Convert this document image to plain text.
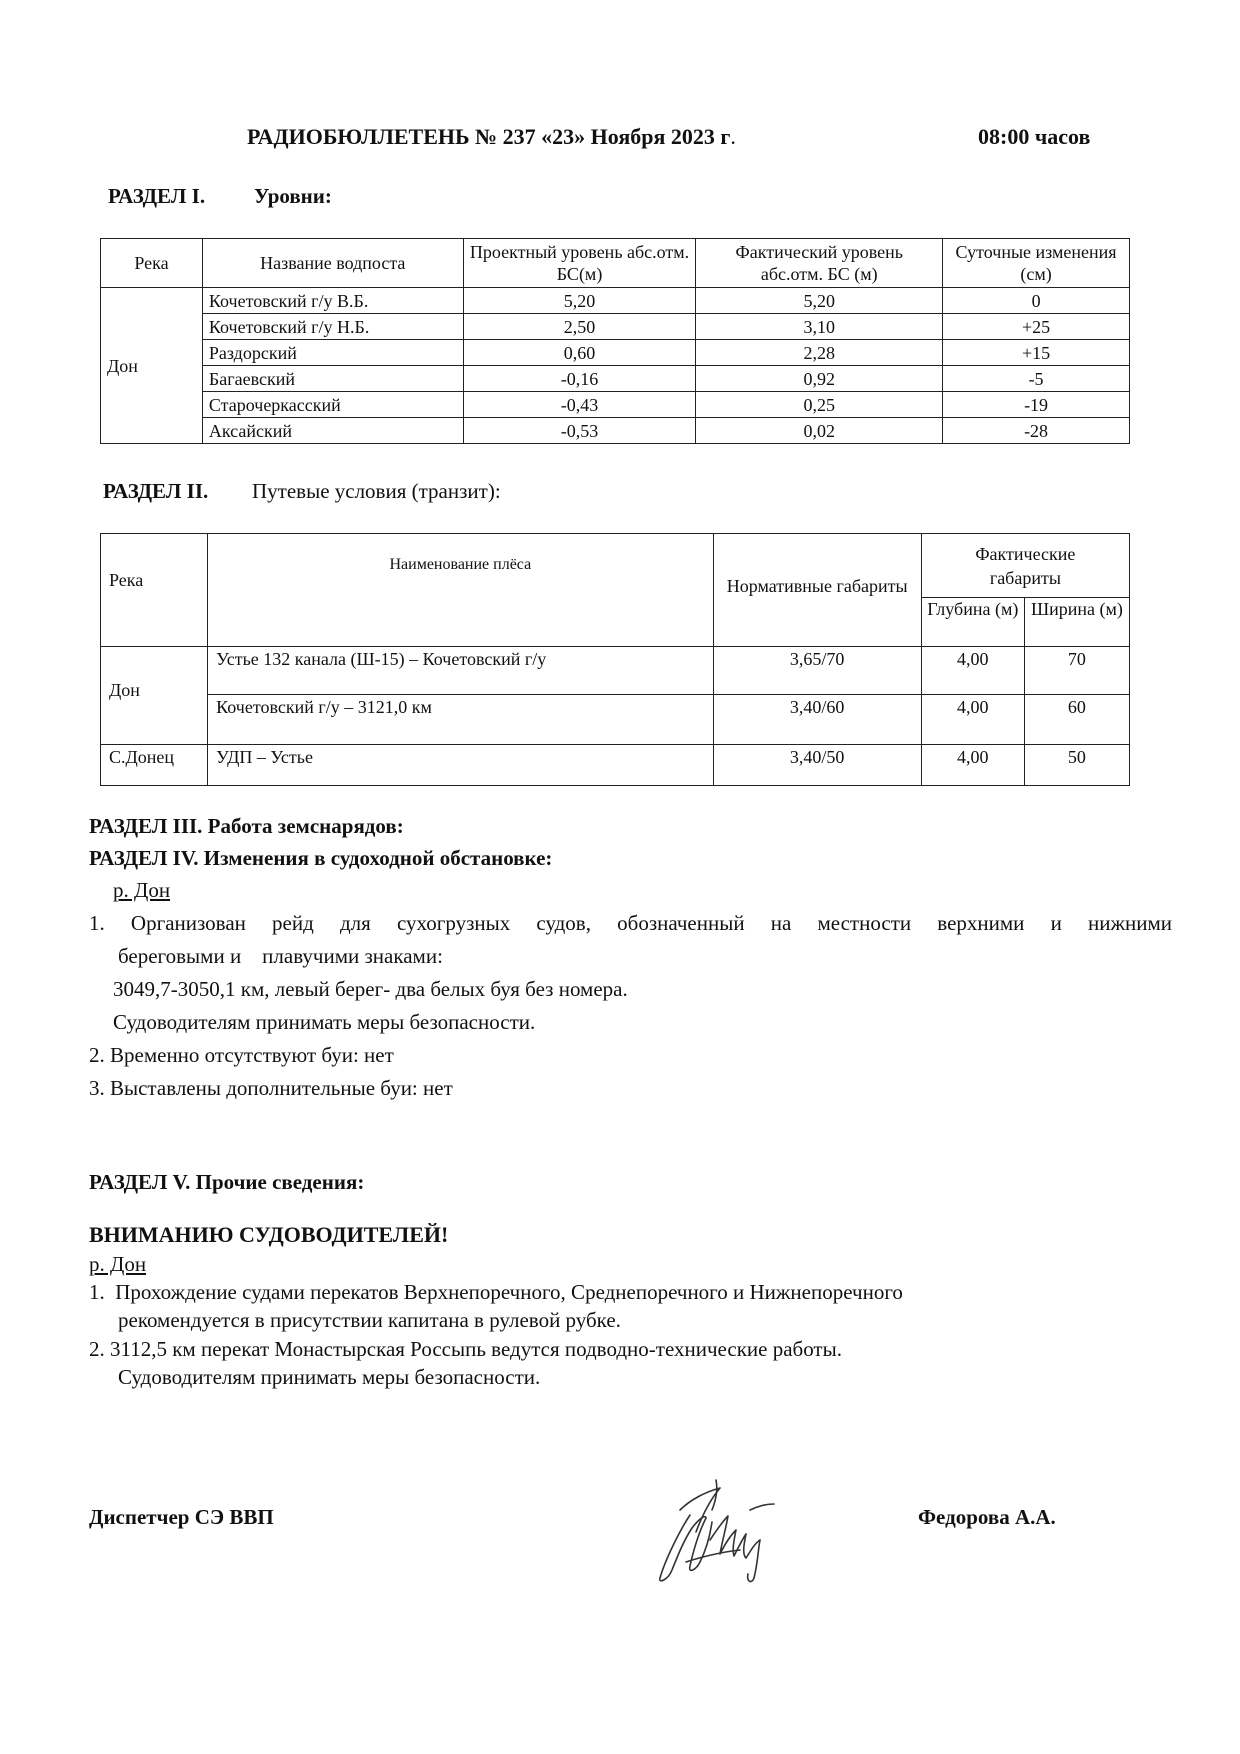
РАДИОБЮЛЛЕТЕНЬ № 237 «23» Ноября 2023 г.	08:00 часов
РАЗДЕЛ I. Уровни:
Река	Название водпоста	Проектный уровень абс.отм. БС(м)	Фактический уровень абс.отм. БС (м)	Суточные изменения (см)
Дон	Кочетовский г/у В.Б.	5,20	5,20	0
	Кочетовский г/у Н.Б.	2,50	3,10	+25
	Раздорский	0,60	2,28	+15
	Багаевский	-0,16	0,92	-5
	Старочеркасский	-0,43	0,25	-19
	Аксайский	-0,53	0,02	-28
РАЗДЕЛ II. Путевые условия (транзит):
Река	Наименование плёса	Нормативные габариты	Фактические габариты	
			Глубина (м)	Ширина (м)
Дон	Устье 132 канала (Ш-15) – Кочетовский г/у	3,65/70	4,00	70
	Кочетовский г/у – 3121,0 км	3,40/60	4,00	60
С.Донец	УДП – Устье	3,40/50	4,00	50
РАЗДЕЛ III. Работа земснарядов:
РАЗДЕЛ IV. Изменения в судоходной обстановке:
р. Дон
1. Организован рейд для сухогрузных судов, обозначенный на местности верхними и нижними
береговыми и    плавучими знаками:
3049,7-3050,1 км, левый берег- два белых буя без номера.
Судоводителям принимать меры безопасности.
2. Временно отсутствуют буи: нет
3. Выставлены дополнительные буи: нет
РАЗДЕЛ V. Прочие сведения:
ВНИМАНИЮ СУДОВОДИТЕЛЕЙ!
р. Дон
1.  Прохождение судами перекатов Верхнепоречного, Среднепоречного и Нижнепоречного
рекомендуется в присутствии капитана в рулевой рубке.
2. 3112,5 км перекат Монастырская Россыпь ведутся подводно-технические работы.
Судоводителям принимать меры безопасности.
Диспетчер СЭ ВВП	Федорова А.А.
